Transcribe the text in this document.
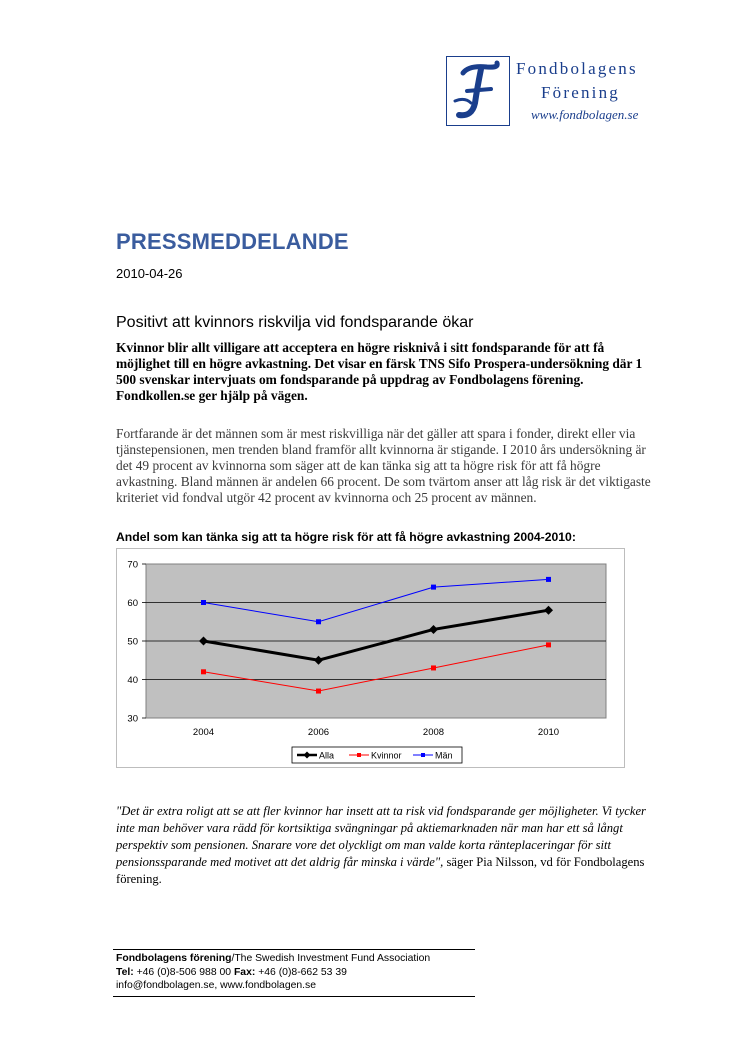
Fondbolagens
Förening
www.fondbolagen.se
PRESSMEDDELANDE
2010-04-26
Positivt att kvinnors riskvilja vid fondsparande ökar

Kvinnor blir allt villigare att acceptera en högre risknivå i sitt fondsparande för att få möjlighet till en högre avkastning. Det visar en färsk TNS Sifo Prospera-undersökning där 1 500 svenskar intervjuats om fondsparande på uppdrag av Fondbolagens förening. Fondkollen.se ger hjälp på vägen.

Fortfarande är det männen som är mest riskvilliga när det gäller att spara i fonder, direkt eller via tjänstepensionen, men trenden bland framför allt kvinnorna är stigande. I 2010 års undersökning är det 49 procent av kvinnorna som säger att de kan tänka sig att ta högre risk för att få högre avkastning. Bland männen är andelen 66 procent. De som tvärtom anser att låg risk är det viktigaste kriteriet vid fondval utgör 42 procent av kvinnorna och 25 procent av männen.

Andel som kan tänka sig att ta högre risk för att få högre avkastning 2004-2010:
70
60
50
40
30
2004	2006	2008	2010
Alla	Kvinnor	Män

"Det är extra roligt att se att fler kvinnor har insett att ta risk vid fondsparande ger möjligheter. Vi tycker inte man behöver vara rädd för kortsiktiga svängningar på aktiemarknaden när man har ett så långt perspektiv som pensionen. Snarare vore det olyckligt om man valde korta ränteplaceringar för sitt pensionssparande med motivet att det aldrig får minska i värde", säger Pia Nilsson, vd för Fondbolagens förening.

Fondbolagens förening/The Swedish Investment Fund Association
Tel: +46 (0)8-506 988 00 Fax: +46 (0)8-662 53 39
info@fondbolagen.se, www.fondbolagen.se
